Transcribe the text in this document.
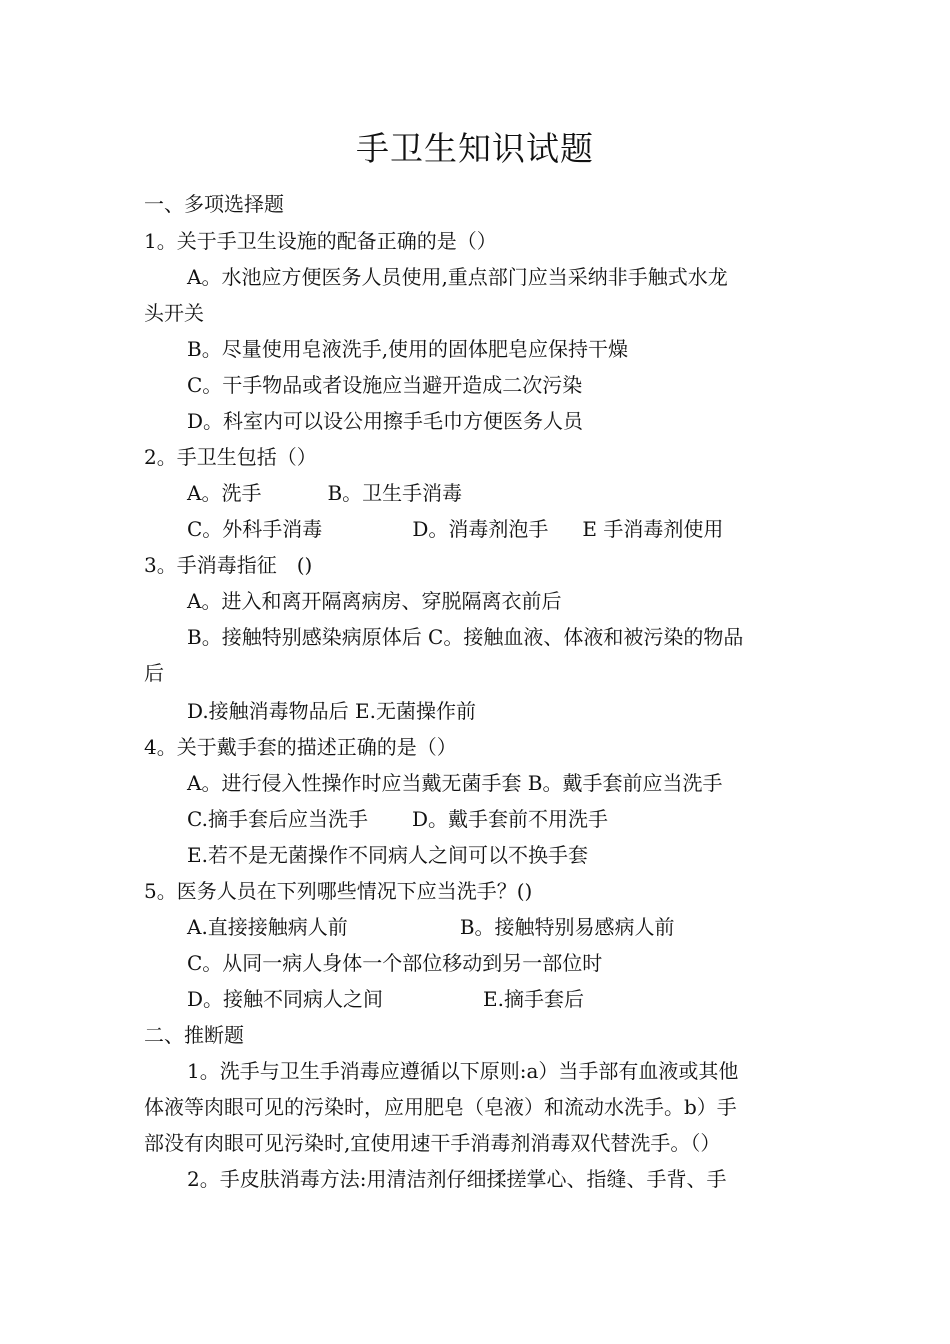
手卫生知识试题
一、多项选择题
1。关于手卫生设施的配备正确的是（）
A。水池应方便医务人员使用,重点部门应当采纳非手触式水龙
头开关
B。尽量使用皂液洗手,使用的固体肥皂应保持干燥
C。干手物品或者设施应当避开造成二次污染
D。科室内可以设公用擦手毛巾方便医务人员
2。手卫生包括（）
A。洗手	B。卫生手消毒
C。外科手消毒	D。消毒剂泡手 E 手消毒剂使用
3。手消毒指征　()
A。进入和离开隔离病房、穿脱隔离衣前后
B。接触特别感染病原体后 C。接触血液、体液和被污染的物品
后
D.接触消毒物品后 E.无菌操作前
4。关于戴手套的描述正确的是（）
A。进行侵入性操作时应当戴无菌手套 B。戴手套前应当洗手
C.摘手套后应当洗手 D。戴手套前不用洗手
E.若不是无菌操作不同病人之间可以不换手套
5。医务人员在下列哪些情况下应当洗手？()
A.直接接触病人前	B。接触特别易感病人前
C。从同一病人身体一个部位移动到另一部位时
D。接触不同病人之间	E.摘手套后
二、推断题
1。洗手与卫生手消毒应遵循以下原则:a）当手部有血液或其他
体液等肉眼可见的污染时，应用肥皂（皂液）和流动水洗手。b）手
部没有肉眼可见污染时,宜使用速干手消毒剂消毒双代替洗手。（）
2。手皮肤消毒方法:用清洁剂仔细揉搓掌心、指缝、手背、手
